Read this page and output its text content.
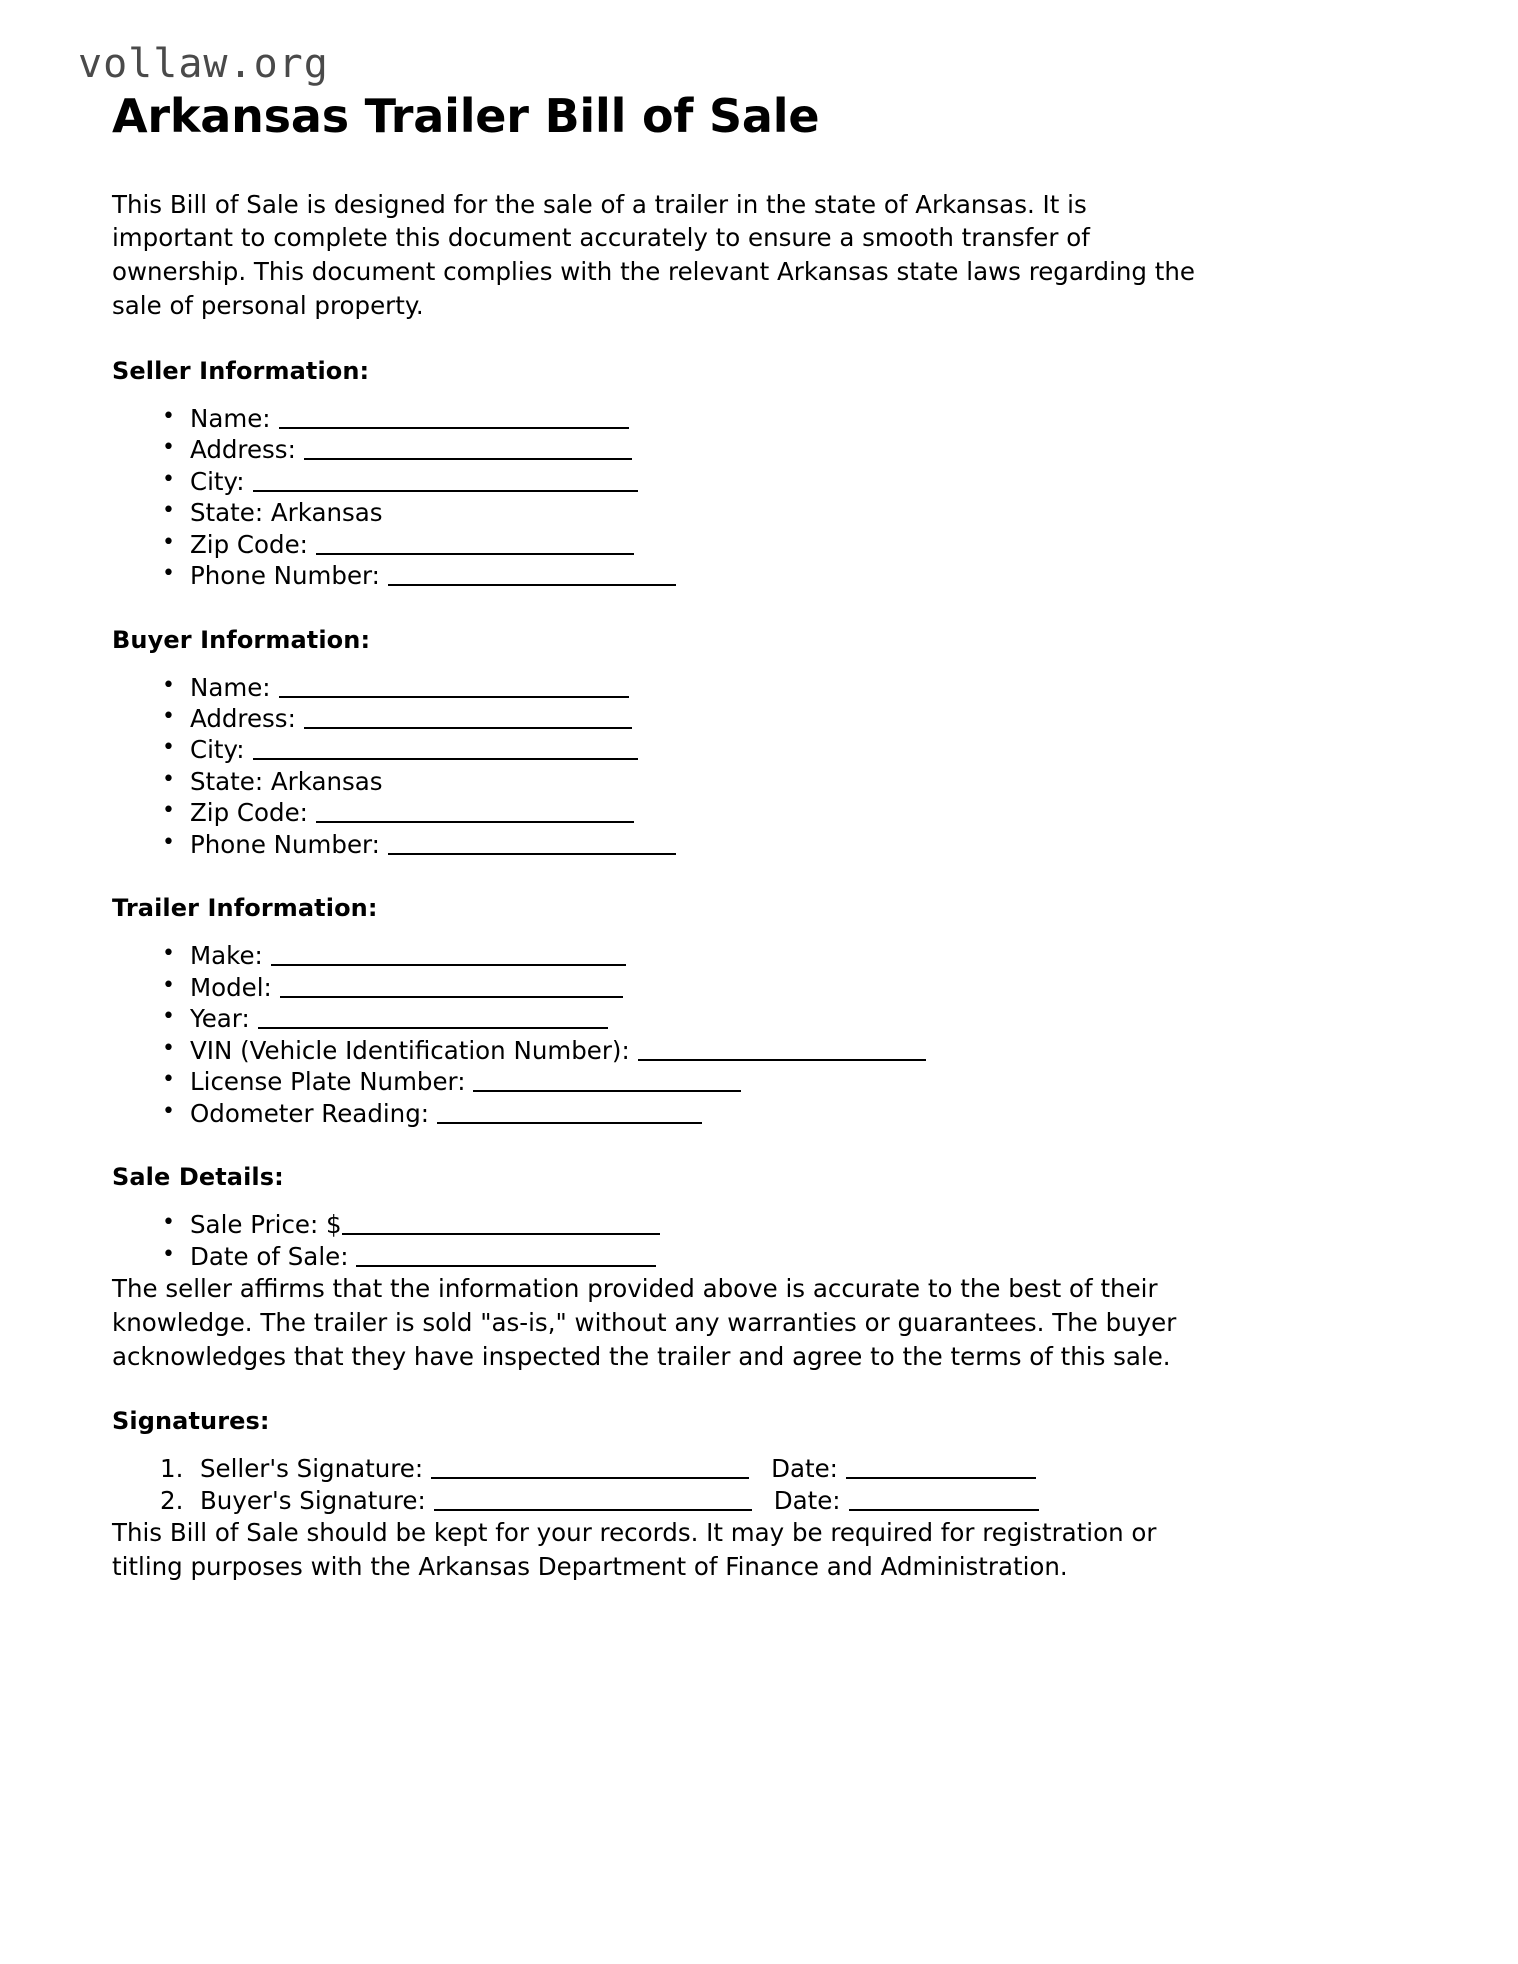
vollaw.org
Arkansas Trailer Bill of Sale

This Bill of Sale is designed for the sale of a trailer in the state of Arkansas. It is important to complete this document accurately to ensure a smooth transfer of ownership. This document complies with the relevant Arkansas state laws regarding the sale of personal property.

Seller Information:
• Name:
• Address:
• City:
• State: Arkansas
• Zip Code:
• Phone Number:
Buyer Information:
• Name:
• Address:
• City:
• State: Arkansas
• Zip Code:
• Phone Number:
Trailer Information:
• Make:
• Model:
• Year:
• VIN (Vehicle Identification Number):
• License Plate Number:
• Odometer Reading:
Sale Details:
• Sale Price: $
• Date of Sale:

The seller affirms that the information provided above is accurate to the best of their knowledge. The trailer is sold "as-is," without any warranties or guarantees. The buyer acknowledges that they have inspected the trailer and agree to the terms of this sale.

Signatures:
Seller's Signature:	Date:
Buyer's Signature:	Date:

This Bill of Sale should be kept for your records. It may be required for registration or titling purposes with the Arkansas Department of Finance and Administration.
